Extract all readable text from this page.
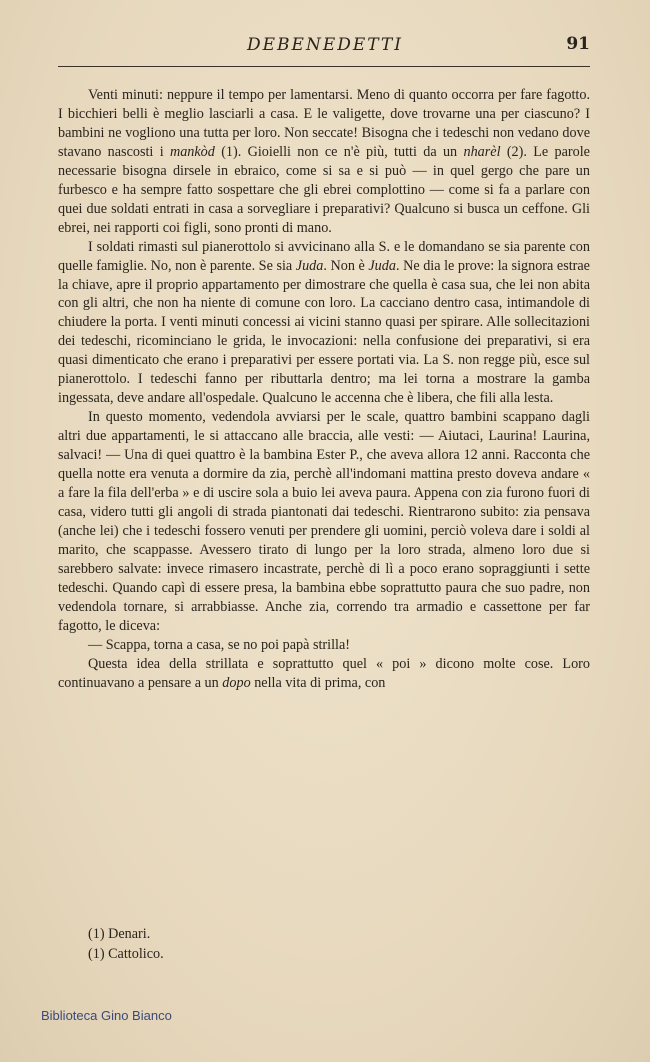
DEBENEDETTI	91

Venti minuti: neppure il tempo per lamentarsi. Meno di quanto occorra per fare fagotto. I bicchieri belli è meglio lasciarli a casa. E le valigette, dove trovarne una per ciascuno? I bambini ne vogliono una tutta per loro. Non seccate! Bisogna che i tedeschi non vedano dove stavano nascosti i mankòd (1). Gioielli non ce n'è più, tutti da un nharèl (2). Le parole necessarie bisogna dirsele in ebraico, come si sa e si può — in quel gergo che pare un furbesco e ha sempre fatto sospettare che gli ebrei complottino — come si fa a parlare con quei due soldati entrati in casa a sorvegliare i preparativi? Qualcuno si busca un ceffone. Gli ebrei, nei rapporti coi figli, sono pronti di mano.

I soldati rimasti sul pianerottolo si avvicinano alla S. e le domandano se sia parente con quelle famiglie. No, non è parente. Se sia Juda. Non è Juda. Ne dia le prove: la signora estrae la chiave, apre il proprio appartamento per dimostrare che quella è casa sua, che lei non abita con gli altri, che non ha niente di comune con loro. La cacciano dentro casa, intimandole di chiudere la porta. I venti minuti concessi ai vicini stanno quasi per spirare. Alle sollecitazioni dei tedeschi, ricominciano le grida, le invocazioni: nella confusione dei preparativi, si era quasi dimenticato che erano i preparativi per essere portati via. La S. non regge più, esce sul pianerottolo. I tedeschi fanno per ributtarla dentro; ma lei torna a mostrare la gamba ingessata, deve andare all'ospedale. Qualcuno le accenna che è libera, che fili alla lesta.

In questo momento, vedendola avviarsi per le scale, quattro bambini scappano dagli altri due appartamenti, le si attaccano alle braccia, alle vesti: — Aiutaci, Laurina! Laurina, salvaci! — Una di quei quattro è la bambina Ester P., che aveva allora 12 anni. Racconta che quella notte era venuta a dormire da zia, perchè all'indomani mattina presto doveva andare « a fare la fila dell'erba » e di uscire sola a buio lei aveva paura. Appena con zia furono fuori di casa, videro tutti gli angoli di strada piantonati dai tedeschi. Rientrarono subito: zia pensava (anche lei) che i tedeschi fossero venuti per prendere gli uomini, perciò voleva dare i soldi al marito, che scappasse. Avessero tirato di lungo per la loro strada, almeno loro due si sarebbero salvate: invece rimasero incastrate, perchè di lì a poco erano sopraggiunti i sette tedeschi. Quando capì di essere presa, la bambina ebbe soprattutto paura che suo padre, non vedendola tornare, si arrabbiasse. Anche zia, correndo tra armadio e cassettone per far fagotto, le diceva:

— Scappa, torna a casa, se no poi papà strilla!

Questa idea della strillata e soprattutto quel « poi » dicono molte cose. Loro continuavano a pensare a un dopo nella vita di prima, con

(1) Denari.

(1) Cattolico.

Biblioteca Gino Bianco
